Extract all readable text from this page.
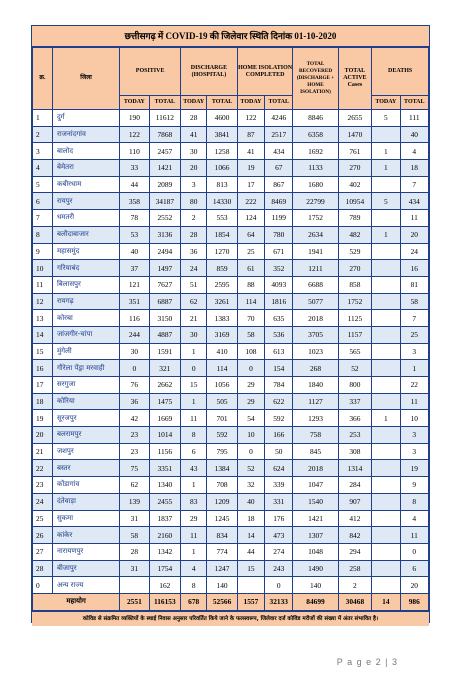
छत्तीसगढ़ में COVID-19 की जिलेवार स्थिति दिनांक 01-10-2020
क्र.	जिला	POSITIVE		DISCHARGE (HOSPITAL)		HOME ISOLATION COMPLETED		TOTAL RECOVERED (DISCHARGE + HOME ISOLATION)	TOTAL ACTIVE Cases	DEATHS	
		TODAY	TOTAL	TODAY	TOTAL	TODAY	TOTAL			TODAY	TOTAL
1	दुर्ग	190	11612	28	4600	122	4246	8846	2655	5	111
2	राजनांदगांव	122	7868	41	3841	87	2517	6358	1470		40
3	बालोद	110	2457	30	1258	41	434	1692	761	1	4
4	बेमेतरा	33	1421	20	1066	19	67	1133	270	1	18
5	कबीरधाम	44	2089	3	813	17	867	1680	402		7
6	रायपुर	358	34187	80	14330	222	8469	22799	10954	5	434
7	धमतरी	78	2552	2	553	124	1199	1752	789		11
8	बलौदाबाजार	53	3136	28	1854	64	780	2634	482	1	20
9	महासमुंद	40	2494	36	1270	25	671	1941	529		24
10	गरियाबंद	37	1497	24	859	61	352	1211	270		16
11	बिलासपुर	121	7627	51	2595	88	4093	6688	858		81
12	रायगढ़	351	6887	62	3261	114	1816	5077	1752		58
13	कोरबा	116	3150	21	1383	70	635	2018	1125		7
14	जांजगीर-चांपा	244	4887	30	3169	58	536	3705	1157		25
15	मुंगेली	30	1591	1	410	108	613	1023	565		3
16	गौरेला पेंड्रा मरवाही	0	321	0	114	0	154	268	52		1
17	सरगुजा	76	2662	15	1056	29	784	1840	800		22
18	कोरिया	36	1475	1	505	29	622	1127	337		11
19	सूरजपुर	42	1669	11	701	54	592	1293	366	1	10
20	बलरामपुर	23	1014	8	592	10	166	758	253		3
21	जशपुर	23	1156	6	795	0	50	845	308		3
22	बस्तर	75	3351	43	1384	52	624	2018	1314		19
23	कोंडागांव	62	1340	1	708	32	339	1047	284		9
24	दंतेवाड़ा	139	2455	83	1209	40	331	1540	907		8
25	सुकमा	31	1837	29	1245	18	176	1421	412		4
26	कांकेर	58	2160	11	834	14	473	1307	842		11
27	नारायणपुर	28	1342	1	774	44	274	1048	294		0
28	बीजापुर	31	1754	4	1247	15	243	1490	258		6
0	अन्य राज्य		162	8	140		0	140	2		20
महायोग		2551	116153	678	52566	1557	32133	84699	30468	14	986
कोविड से संक्रमित व्यक्तियों के स्थाई निवास अनुसार परिवर्तित किये जाने के फलस्वरूप, जिलेवार दर्ज कोविड मरीजों की संख्या में अंतर संभावित है।
P a g e 2 | 3
